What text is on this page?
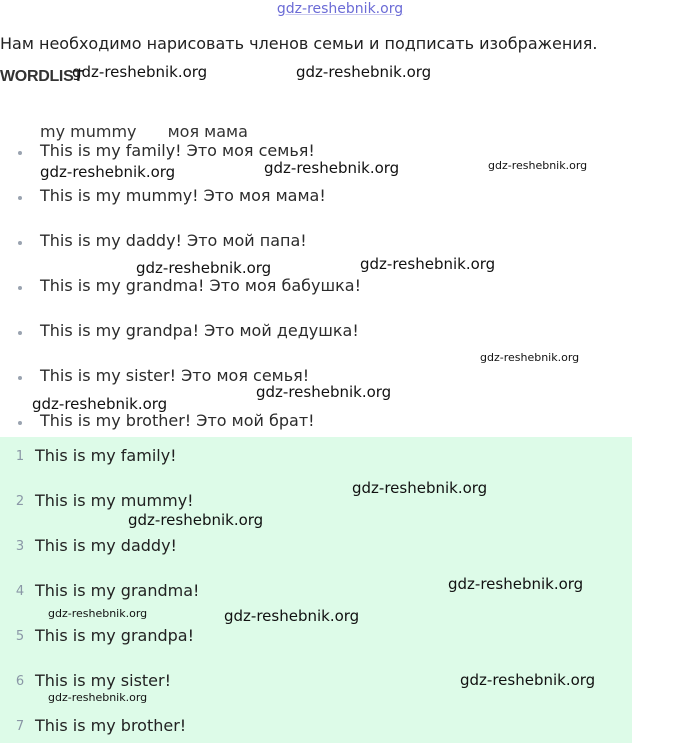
gdz-reshebnik.org
Нам необходимо нарисовать членов семьи и подписать изображения.
WORDLIST
my mummy моя мама
This is my family! Это моя семья!
This is my mummy! Это моя мама!
This is my daddy! Это мой папа!
This is my grandma! Это моя бабушка!
This is my grandpa! Это мой дедушка!
This is my sister! Это моя семья!
This is my brother! Это мой брат!
1 This is my family!
2 This is my mummy!
3 This is my daddy!
4 This is my grandma!
5 This is my grandpa!
6 This is my sister!
7 This is my brother!
gdz-reshebnik.org	gdz-reshebnik.org
gdz-reshebnik.org	gdz-reshebnik.org	gdz-reshebnik.org
gdz-reshebnik.org	gdz-reshebnik.org
gdz-reshebnik.org
gdz-reshebnik.org
gdz-reshebnik.org
gdz-reshebnik.org
gdz-reshebnik.org
gdz-reshebnik.org
gdz-reshebnik.org	gdz-reshebnik.org
gdz-reshebnik.org
gdz-reshebnik.org
